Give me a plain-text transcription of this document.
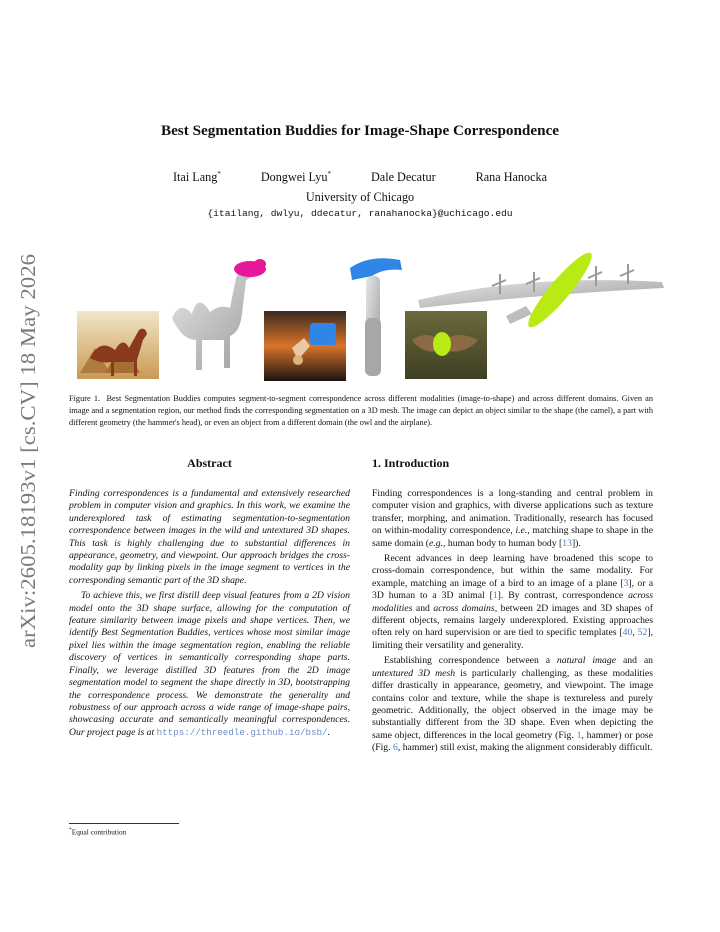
arXiv:2605.18193v1 [cs.CV] 18 May 2026
Best Segmentation Buddies for Image-Shape Correspondence
Itai Lang*	Dongwei Lyu*	Dale Decatur	Rana Hanocka
University of Chicago
{itailang, dwlyu, ddecatur, ranahanocka}@uchicago.edu
Figure 1. Best Segmentation Buddies computes segment-to-segment correspondence across different modalities (image-to-shape) and across different domains. Given an image and a segmentation region, our method finds the corresponding segmentation on a 3D mesh. The image can depict an object similar to the shape (the camel), a part with different geometry (the hammer's head), or even an object from a different domain (the owl and the airplane).
Abstract	1. Introduction

Finding correspondences is a fundamental and extensively researched problem in computer vision and graphics. In this work, we examine the underexplored task of estimating segmentation-to-segmentation correspondence between images in the wild and untextured 3D shapes. This task is highly challenging due to substantial differences in appearance, geometry, and viewpoint. Our approach bridges the cross-modality gap by linking pixels in the image segment to vertices in the corresponding semantic part of the 3D shape.

To achieve this, we first distill deep visual features from a 2D vision model onto the 3D shape surface, allowing for the computation of feature similarity between image pixels and shape vertices. Then, we identify Best Segmentation Buddies, vertices whose most similar image pixel lies within the image segmentation region, enabling the reliable discovery of vertices in semantically corresponding shape parts. Finally, we leverage distilled 3D features from the 2D image segmentation model to segment the shape directly in 3D, bootstrapping the correspondence process. We demonstrate the generality and robustness of our approach across a wide range of image-shape pairs, showcasing accurate and semantically meaningful correspondences. Our project page is at https://threedle.github.io/bsb/.

Finding correspondences is a long-standing and central problem in computer vision and graphics, with diverse applications such as texture transfer, morphing, and animation. Traditionally, research has focused on within-modality correspondence, i.e., matching shape to shape in the same domain (e.g., human body to human body [13]).

Recent advances in deep learning have broadened this scope to cross-domain correspondence, but within the same modality. For example, matching an image of a bird to an image of a plane [3], or a 3D human to a 3D animal [1]. By contrast, correspondence across modalities and across domains, between 2D images and 3D shapes of different objects, remains largely underexplored. Existing approaches often rely on hard supervision or are tied to specific templates [40, 52], limiting their versatility and generality.

Establishing correspondence between a natural image and an untextured 3D mesh is particularly challenging, as these modalities differ drastically in appearance, geometry, and viewpoint. The image contains color and texture, while the shape is textureless and purely geometric. Additionally, the object observed in the image may be substantially different from the 3D shape. Even when depicting the same object, differences in the local geometry (Fig. 1, hammer) or pose (Fig. 6, hammer) still exist, making the alignment considerably difficult.

*Equal contribution
